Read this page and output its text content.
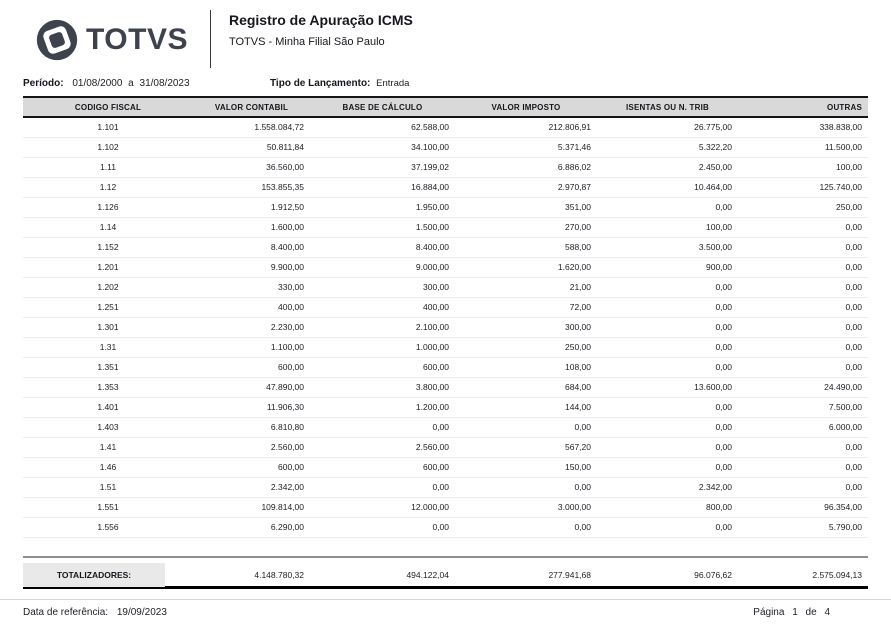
TOTVS
Registro de Apuração ICMS
TOTVS - Minha Filial São Paulo
Período: 01/08/2000 a 31/08/2023	Tipo de Lançamento: Entrada
CODIGO FISCAL	VALOR CONTABIL	BASE DE CÁLCULO	VALOR IMPOSTO	ISENTAS OU N. TRIB	OUTRAS
1.101	1.558.084,72	62.588,00	212.806,91	26.775,00	338.838,00
1.102	50.811,84	34.100,00	5.371,46	5.322,20	11.500,00
1.11	36.560,00	37.199,02	6.886,02	2.450,00	100,00
1.12	153.855,35	16.884,00	2.970,87	10.464,00	125.740,00
1.126	1.912,50	1.950,00	351,00	0,00	250,00
1.14	1.600,00	1.500,00	270,00	100,00	0,00
1.152	8.400,00	8.400,00	588,00	3.500,00	0,00
1.201	9.900,00	9.000,00	1.620,00	900,00	0,00
1.202	330,00	300,00	21,00	0,00	0,00
1.251	400,00	400,00	72,00	0,00	0,00
1.301	2.230,00	2.100,00	300,00	0,00	0,00
1.31	1.100,00	1.000,00	250,00	0,00	0,00
1.351	600,00	600,00	108,00	0,00	0,00
1.353	47.890,00	3.800,00	684,00	13.600,00	24.490,00
1.401	11.906,30	1.200,00	144,00	0,00	7.500,00
1.403	6.810,80	0,00	0,00	0,00	6.000,00
1.41	2.560,00	2.560,00	567,20	0,00	0,00
1.46	600,00	600,00	150,00	0,00	0,00
1.51	2.342,00	0,00	0,00	2.342,00	0,00
1.551	109.814,00	12.000,00	3.000,00	800,00	96.354,00
1.556	6.290,00	0,00	0,00	0,00	5.790,00
TOTALIZADORES:	4.148.780,32	494.122,04	277.941,68	96.076,62	2.575.094,13
Data de referência: 19/09/2023	Página 1 de 4
